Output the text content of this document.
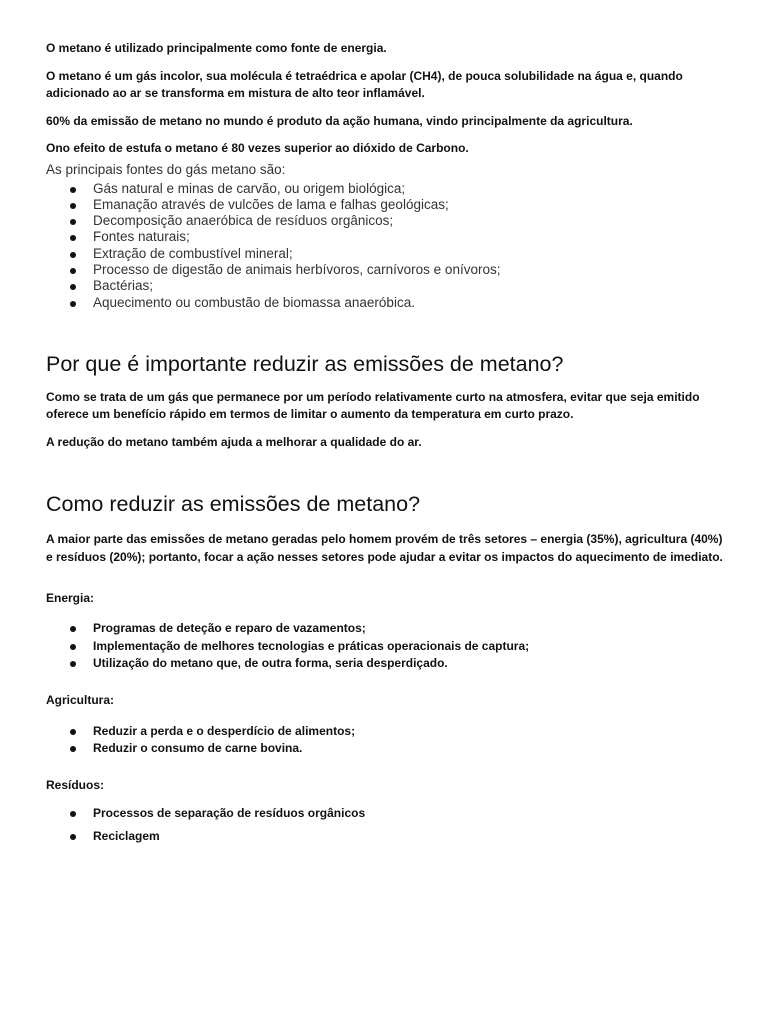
O metano é utilizado principalmente como fonte de energia.

O metano é um gás incolor, sua molécula é tetraédrica e apolar (CH4), de pouca solubilidade na água e, quando adicionado ao ar se transforma em mistura de alto teor inflamável.

60% da emissão de metano no mundo é produto da ação humana, vindo principalmente da agricultura.

Ono efeito de estufa o metano é 80 vezes superior ao dióxido de Carbono.

As principais fontes do gás metano são:

Gás natural e minas de carvão, ou origem biológica;
Emanação através de vulcões de lama e falhas geológicas;
Decomposição anaeróbica de resíduos orgânicos;
Fontes naturais;
Extração de combustível mineral;
Processo de digestão de animais herbívoros, carnívoros e onívoros;
Bactérias;
Aquecimento ou combustão de biomassa anaeróbica.
Por que é importante reduzir as emissões de metano?

Como se trata de um gás que permanece por um período relativamente curto na atmosfera, evitar que seja emitido oferece um benefício rápido em termos de limitar o aumento da temperatura em curto prazo.

A redução do metano também ajuda a melhorar a qualidade do ar.

Como reduzir as emissões de metano?

A maior parte das emissões de metano geradas pelo homem provém de três setores – energia (35%), agricultura (40%) e resíduos (20%); portanto, focar a ação nesses setores pode ajudar a evitar os impactos do aquecimento de imediato.

Energia:
Programas de deteção e reparo de vazamentos;
Implementação de melhores tecnologias e práticas operacionais de captura;
Utilização do metano que, de outra forma, seria desperdiçado.
Agricultura:
Reduzir a perda e o desperdício de alimentos;
Reduzir o consumo de carne bovina.
Resíduos:
Processos de separação de resíduos orgânicos
Reciclagem
